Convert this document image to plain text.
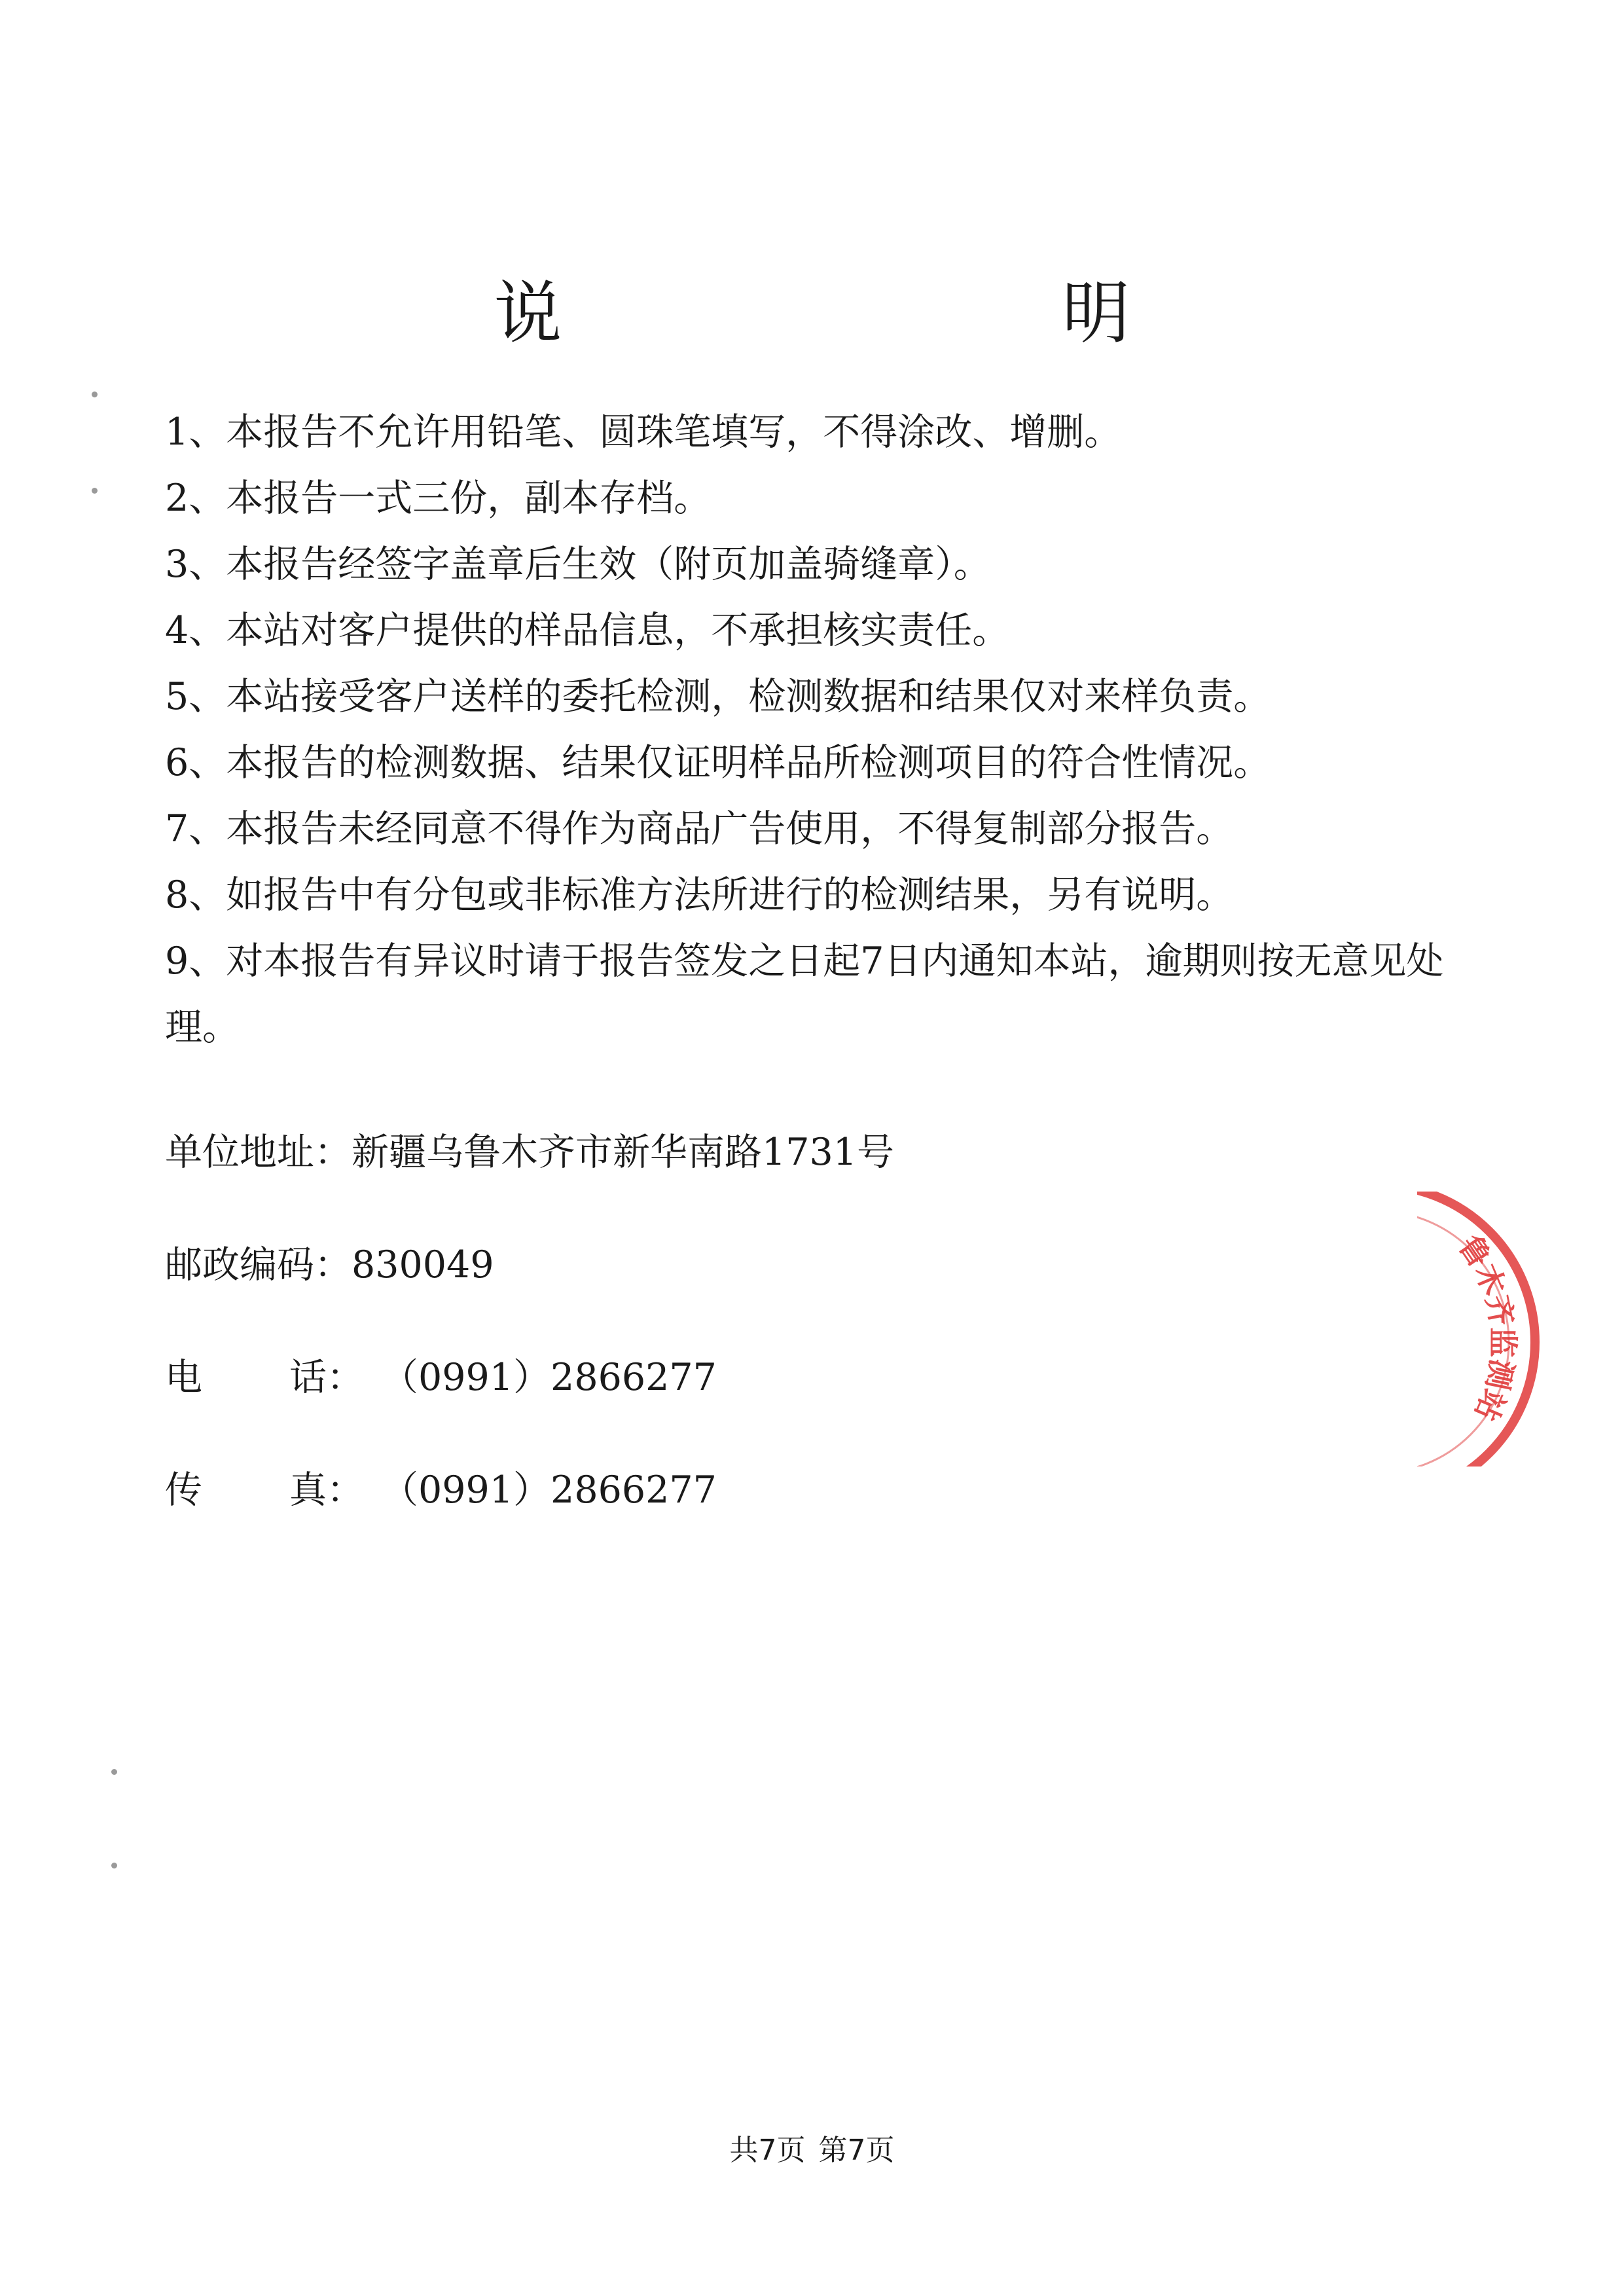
说　明
1、本报告不允许用铅笔、圆珠笔填写，不得涂改、增删。
2、本报告一式三份，副本存档。
3、本报告经签字盖章后生效（附页加盖骑缝章）。
4、本站对客户提供的样品信息，不承担核实责任。
5、本站接受客户送样的委托检测，检测数据和结果仅对来样负责。
6、本报告的检测数据、结果仅证明样品所检测项目的符合性情况。
7、本报告未经同意不得作为商品广告使用，不得复制部分报告。
8、如报告中有分包或非标准方法所进行的检测结果，另有说明。
9、对本报告有异议时请于报告签发之日起7日内通知本站，逾期则按无意见处理。
单位地址：新疆乌鲁木齐市新华南路1731号
邮政编码：830049
电 话： （0991）2866277
传 真： （0991）2866277
鲁木齐监测站
共7页 第7页
